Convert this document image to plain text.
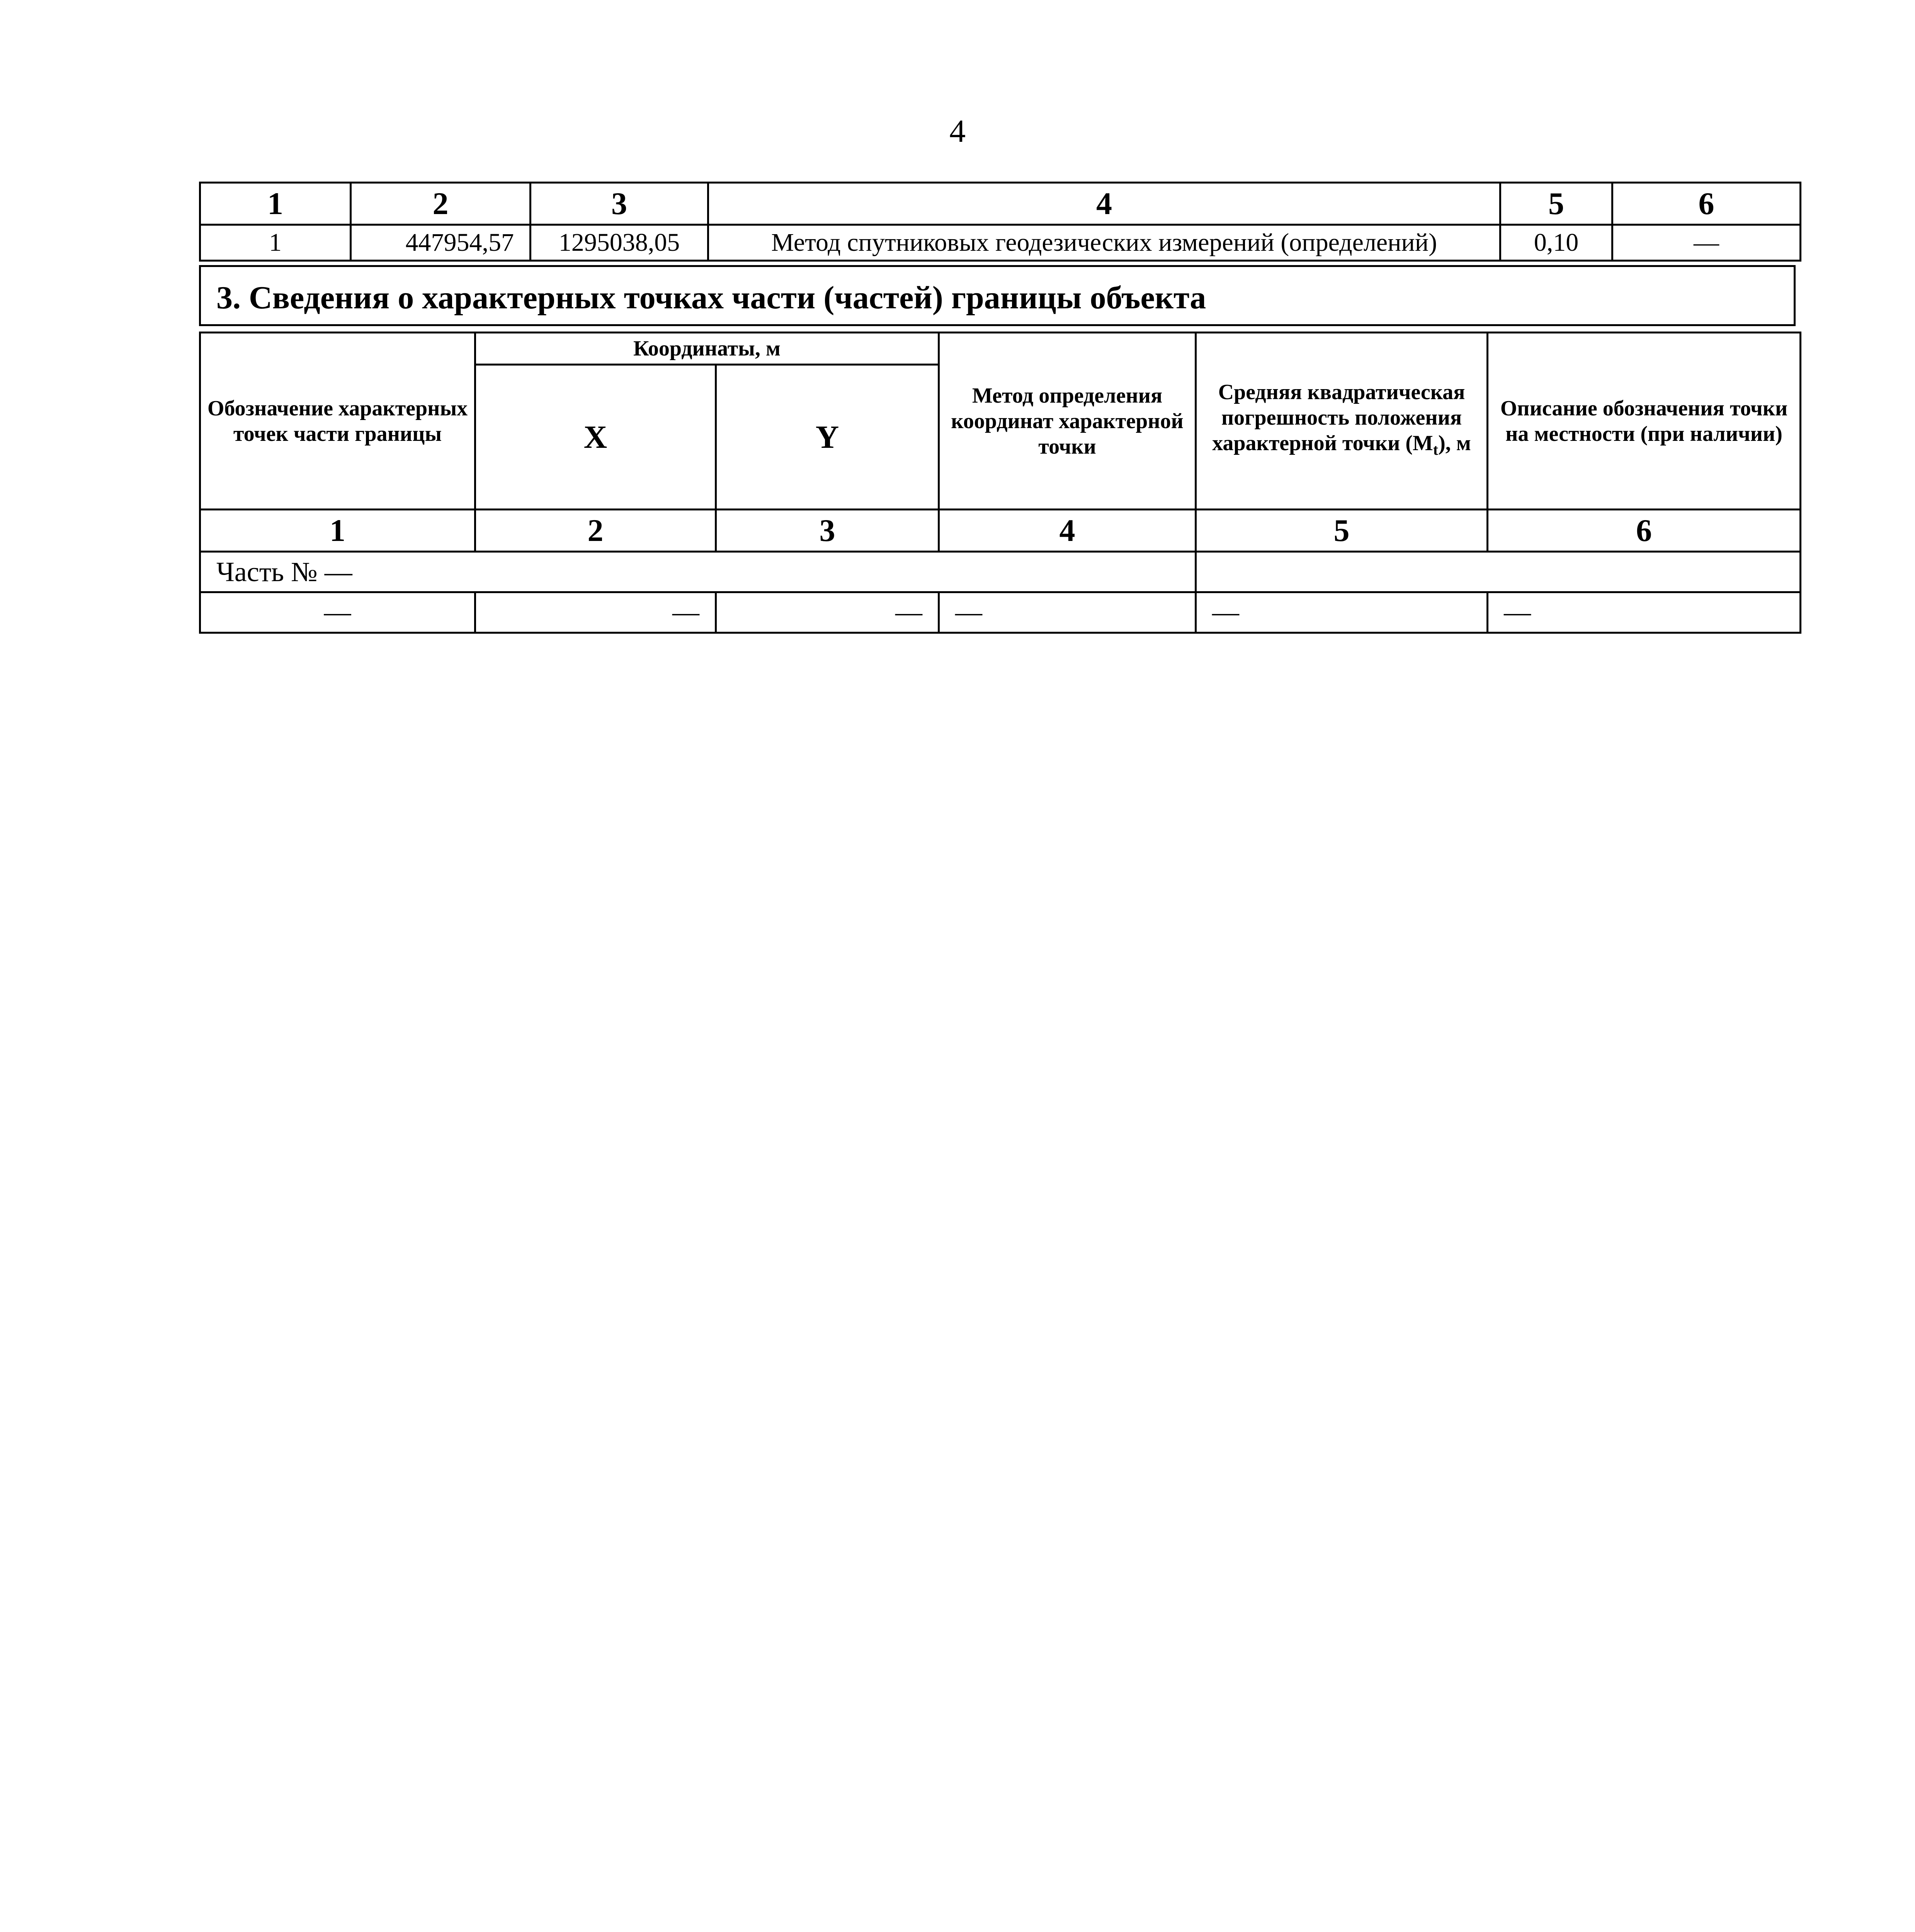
4
1	2	3	4	5	6
1	447954,57	1295038,05	Метод спутниковых геодезических измерений (определений)	0,10	—
3. Сведения о характерных точках части (частей) границы объекта
Обозначение характерных точек части границы	Координаты, м		Метод определения координат характерной точки	Средняя квадратическая погрешность положения характерной точки $(M_t)$, м	Описание обозначения точки на местности (при наличии)
	X	Y			
1	2	3	4	5	6
Часть № —					
—	—	—	—	—	—
